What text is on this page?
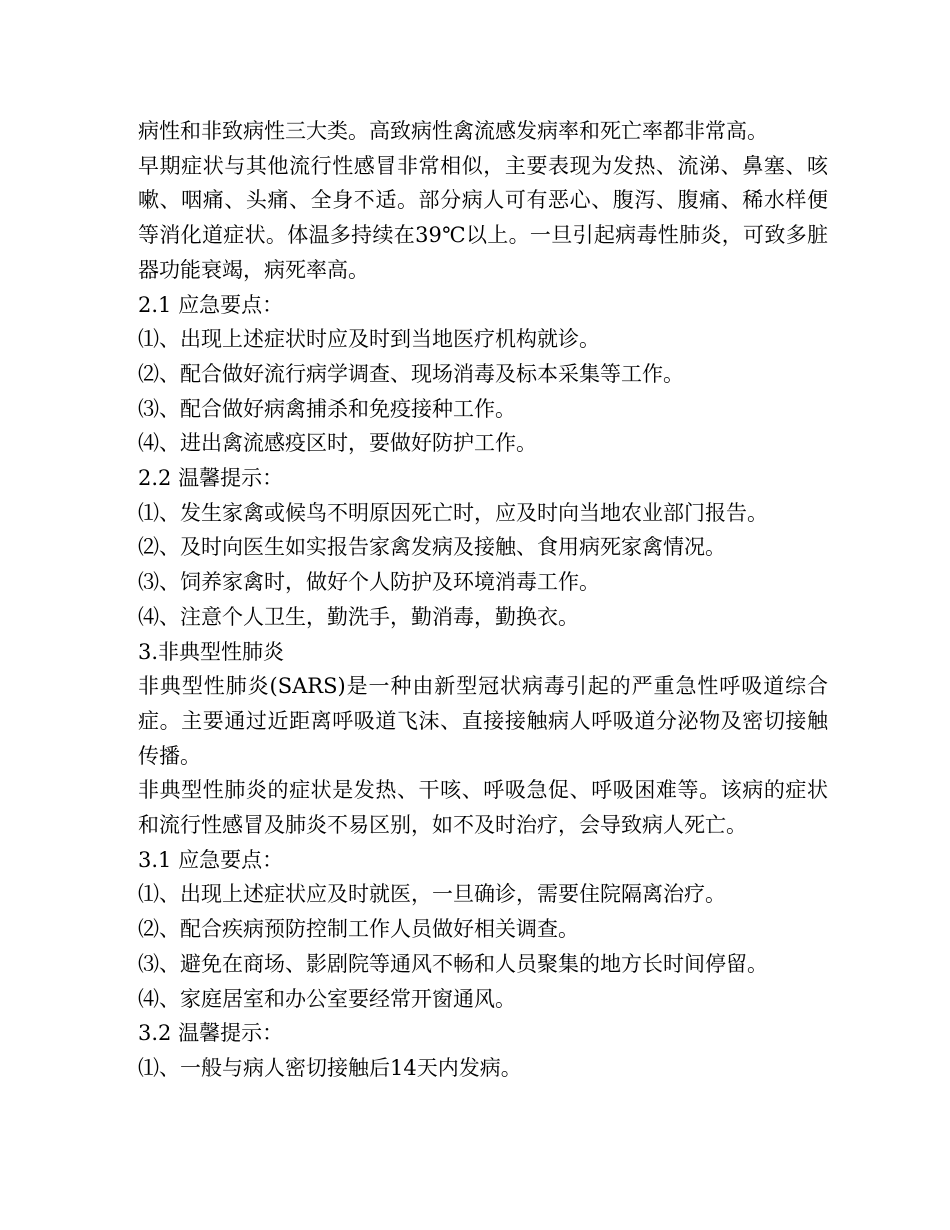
病性和非致病性三大类。高致病性禽流感发病率和死亡率都非常高。

早期症状与其他流行性感冒非常相似，主要表现为发热、流涕、鼻塞、咳嗽、咽痛、头痛、全身不适。部分病人可有恶心、腹泻、腹痛、稀水样便等消化道症状。体温多持续在39℃以上。一旦引起病毒性肺炎，可致多脏器功能衰竭，病死率高。

2.1 应急要点：

⑴、出现上述症状时应及时到当地医疗机构就诊。

⑵、配合做好流行病学调查、现场消毒及标本采集等工作。

⑶、配合做好病禽捕杀和免疫接种工作。

⑷、进出禽流感疫区时，要做好防护工作。

2.2 温馨提示：

⑴、发生家禽或候鸟不明原因死亡时，应及时向当地农业部门报告。

⑵、及时向医生如实报告家禽发病及接触、食用病死家禽情况。

⑶、饲养家禽时，做好个人防护及环境消毒工作。

⑷、注意个人卫生，勤洗手，勤消毒，勤换衣。

3.非典型性肺炎

非典型性肺炎(SARS)是一种由新型冠状病毒引起的严重急性呼吸道综合症。主要通过近距离呼吸道飞沫、直接接触病人呼吸道分泌物及密切接触传播。

非典型性肺炎的症状是发热、干咳、呼吸急促、呼吸困难等。该病的症状和流行性感冒及肺炎不易区别，如不及时治疗，会导致病人死亡。

3.1 应急要点：

⑴、出现上述症状应及时就医，一旦确诊，需要住院隔离治疗。

⑵、配合疾病预防控制工作人员做好相关调查。

⑶、避免在商场、影剧院等通风不畅和人员聚集的地方长时间停留。

⑷、家庭居室和办公室要经常开窗通风。

3.2 温馨提示：

⑴、一般与病人密切接触后14天内发病。
